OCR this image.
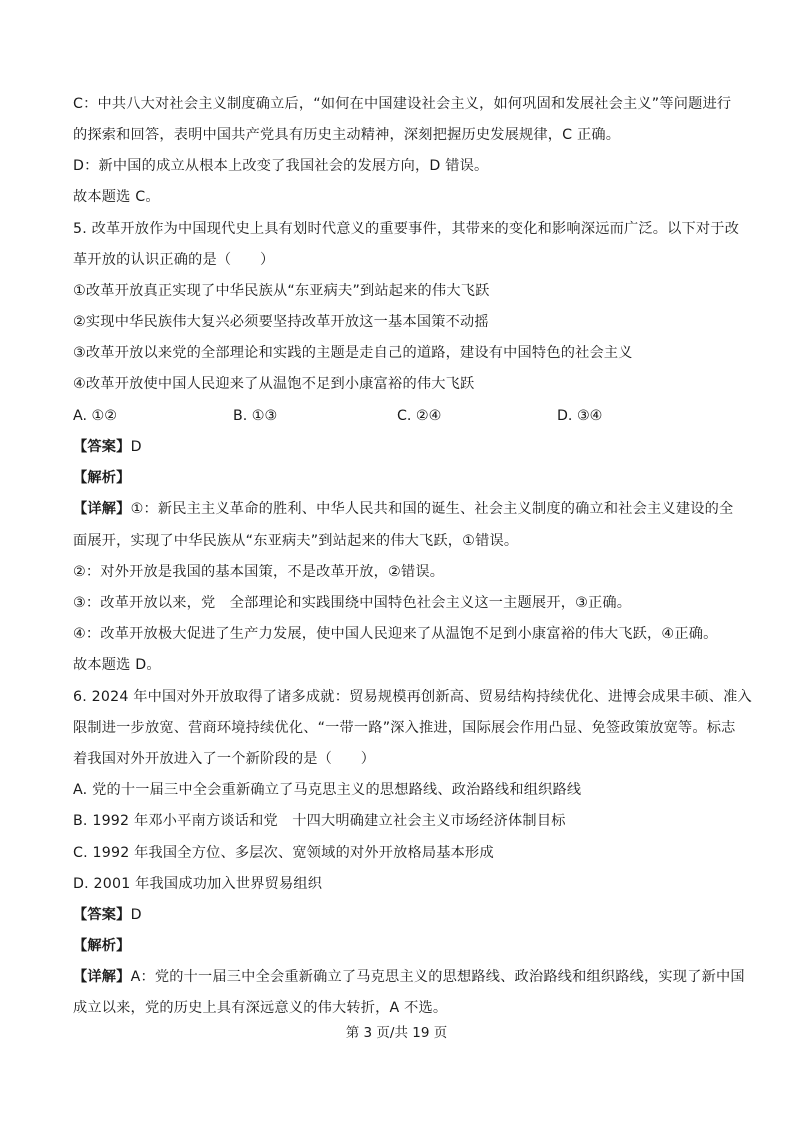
C：中共八大对社会主义制度确立后，“如何在中国建设社会主义，如何巩固和发展社会主义”等问题进行
的探索和回答，表明中国共产党具有历史主动精神，深刻把握历史发展规律，C 正确。
D：新中国的成立从根本上改变了我国社会的发展方向，D 错误。
故本题选 C。
5. 改革开放作为中国现代史上具有划时代意义的重要事件，其带来的变化和影响深远而广泛。以下对于改
革开放的认识正确的是（　　）
①改革开放真正实现了中华民族从“东亚病夫”到站起来的伟大飞跃
②实现中华民族伟大复兴必须要坚持改革开放这一基本国策不动摇
③改革开放以来党的全部理论和实践的主题是走自己的道路，建设有中国特色的社会主义
④改革开放使中国人民迎来了从温饱不足到小康富裕的伟大飞跃
A. ①②	B. ①③	C. ②④	D. ③④
【答案】D
【解析】
【详解】①：新民主主义革命的胜利、中华人民共和国的诞生、社会主义制度的确立和社会主义建设的全
面展开，实现了中华民族从“东亚病夫”到站起来的伟大飞跃，①错误。
②：对外开放是我国的基本国策，不是改革开放，②错误。
③：改革开放以来，党　全部理论和实践围绕中国特色社会主义这一主题展开，③正确。
④：改革开放极大促进了生产力发展，使中国人民迎来了从温饱不足到小康富裕的伟大飞跃，④正确。
故本题选 D。
6. 2024 年中国对外开放取得了诸多成就：贸易规模再创新高、贸易结构持续优化、进博会成果丰硕、准入
限制进一步放宽、营商环境持续优化、“一带一路”深入推进，国际展会作用凸显、免签政策放宽等。标志
着我国对外开放进入了一个新阶段的是（　　）
A. 党的十一届三中全会重新确立了马克思主义的思想路线、政治路线和组织路线
B. 1992 年邓小平南方谈话和党　十四大明确建立社会主义市场经济体制目标
C. 1992 年我国全方位、多层次、宽领域的对外开放格局基本形成
D. 2001 年我国成功加入世界贸易组织
【答案】D
【解析】
【详解】A：党的十一届三中全会重新确立了马克思主义的思想路线、政治路线和组织路线，实现了新中国
成立以来，党的历史上具有深远意义的伟大转折，A 不选。
第 3 页/共 19 页
